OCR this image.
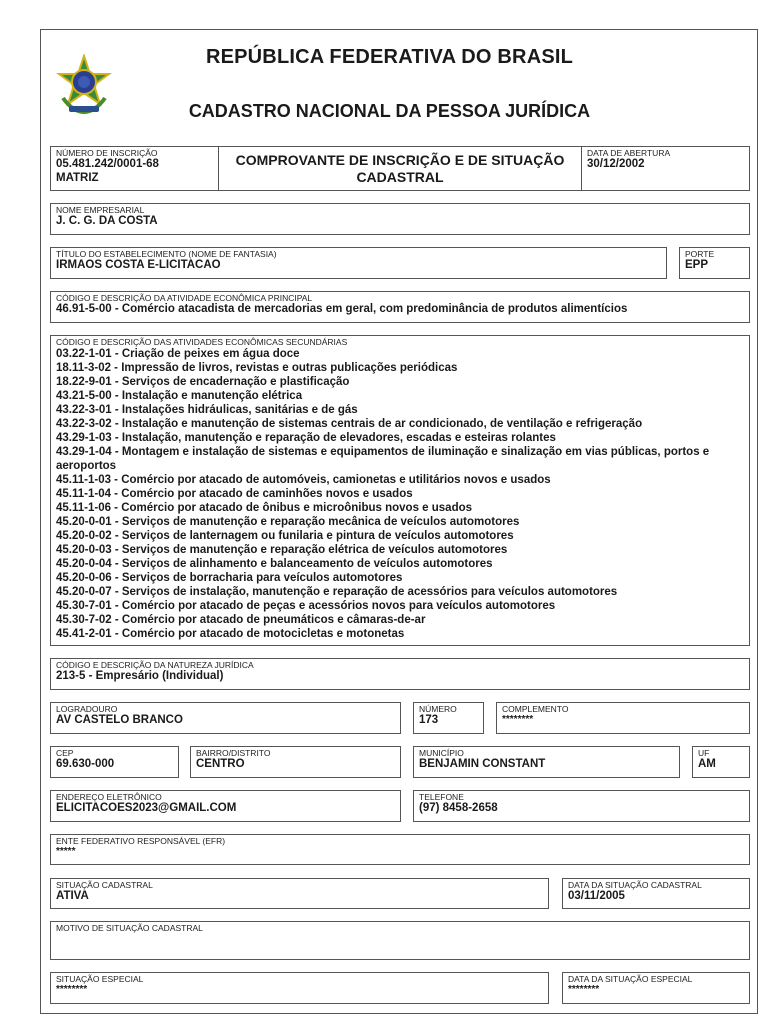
REPÚBLICA FEDERATIVA DO BRASIL
CADASTRO NACIONAL DA PESSOA JURÍDICA
NÚMERO DE INSCRIÇÃO
05.481.242/0001-68
MATRIZ
COMPROVANTE DE INSCRIÇÃO E DE SITUAÇÃO CADASTRAL
DATA DE ABERTURA
30/12/2002
NOME EMPRESARIAL
J. C. G. DA COSTA
TÍTULO DO ESTABELECIMENTO (NOME DE FANTASIA)
IRMAOS COSTA E-LICITACAO
PORTE
EPP
CÓDIGO E DESCRIÇÃO DA ATIVIDADE ECONÔMICA PRINCIPAL
46.91-5-00 - Comércio atacadista de mercadorias em geral, com predominância de produtos alimentícios
CÓDIGO E DESCRIÇÃO DAS ATIVIDADES ECONÔMICAS SECUNDÁRIAS
03.22-1-01 - Criação de peixes em água doce
18.11-3-02 - Impressão de livros, revistas e outras publicações periódicas
18.22-9-01 - Serviços de encadernação e plastificação
43.21-5-00 - Instalação e manutenção elétrica
43.22-3-01 - Instalações hidráulicas, sanitárias e de gás
43.22-3-02 - Instalação e manutenção de sistemas centrais de ar condicionado, de ventilação e refrigeração
43.29-1-03 - Instalação, manutenção e reparação de elevadores, escadas e esteiras rolantes
43.29-1-04 - Montagem e instalação de sistemas e equipamentos de iluminação e sinalização em vias públicas, portos e aeroportos
45.11-1-03 - Comércio por atacado de automóveis, camionetas e utilitários novos e usados
45.11-1-04 - Comércio por atacado de caminhões novos e usados
45.11-1-06 - Comércio por atacado de ônibus e microônibus novos e usados
45.20-0-01 - Serviços de manutenção e reparação mecânica de veículos automotores
45.20-0-02 - Serviços de lanternagem ou funilaria e pintura de veículos automotores
45.20-0-03 - Serviços de manutenção e reparação elétrica de veículos automotores
45.20-0-04 - Serviços de alinhamento e balanceamento de veículos automotores
45.20-0-06 - Serviços de borracharia para veículos automotores
45.20-0-07 - Serviços de instalação, manutenção e reparação de acessórios para veículos automotores
45.30-7-01 - Comércio por atacado de peças e acessórios novos para veículos automotores
45.30-7-02 - Comércio por atacado de pneumáticos e câmaras-de-ar
45.41-2-01 - Comércio por atacado de motocicletas e motonetas
CÓDIGO E DESCRIÇÃO DA NATUREZA JURÍDICA
213-5 - Empresário (Individual)
LOGRADOURO
AV CASTELO BRANCO
NÚMERO
173
COMPLEMENTO
********
CEP
69.630-000
BAIRRO/DISTRITO
CENTRO
MUNICÍPIO
BENJAMIN CONSTANT
UF
AM
ENDEREÇO ELETRÔNICO
ELICITACOES2023@GMAIL.COM
TELEFONE
(97) 8458-2658
ENTE FEDERATIVO RESPONSÁVEL (EFR)
*****
SITUAÇÃO CADASTRAL
ATIVA
DATA DA SITUAÇÃO CADASTRAL
03/11/2005
MOTIVO DE SITUAÇÃO CADASTRAL
SITUAÇÃO ESPECIAL
********
DATA DA SITUAÇÃO ESPECIAL
********
